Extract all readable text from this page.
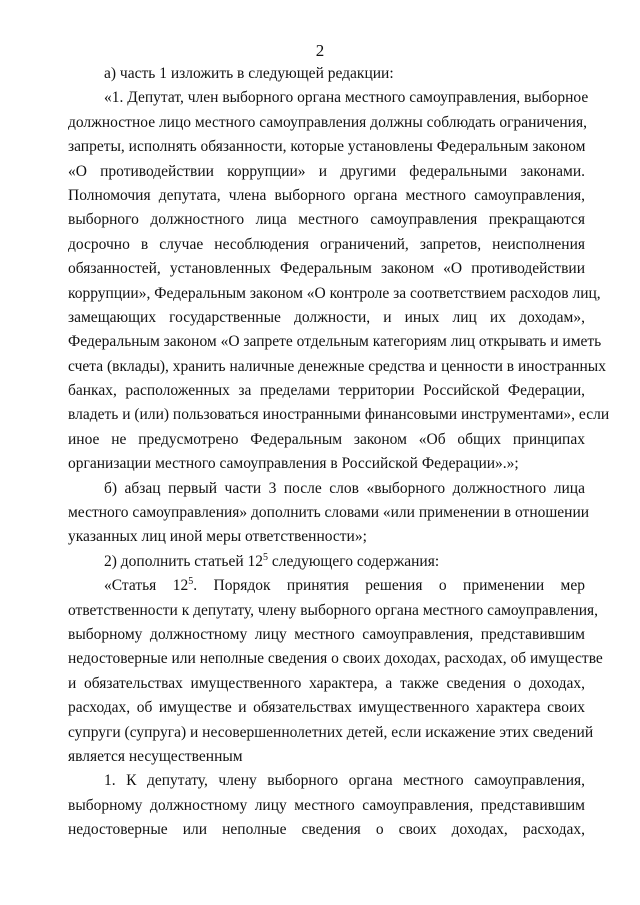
2
а) часть 1 изложить в следующей редакции:
«1. Депутат, член выборного органа местного самоуправления, выборное
должностное лицо местного самоуправления должны соблюдать ограничения,
запреты, исполнять обязанности, которые установлены Федеральным законом
«О противодействии коррупции» и другими федеральными законами.
Полномочия депутата, члена выборного органа местного самоуправления,
выборного должностного лица местного самоуправления прекращаются
досрочно в случае несоблюдения ограничений, запретов, неисполнения
обязанностей, установленных Федеральным законом «О противодействии
коррупции», Федеральным законом «О контроле за соответствием расходов лиц,
замещающих государственные должности, и иных лиц их доходам»,
Федеральным законом «О запрете отдельным категориям лиц открывать и иметь
счета (вклады), хранить наличные денежные средства и ценности в иностранных
банках, расположенных за пределами территории Российской Федерации,
владеть и (или) пользоваться иностранными финансовыми инструментами», если
иное не предусмотрено Федеральным законом «Об общих принципах
организации местного самоуправления в Российской Федерации».»;
б) абзац первый части 3 после слов «выборного должностного лица
местного самоуправления» дополнить словами «или применении в отношении
указанных лиц иной меры ответственности»;
2) дополнить статьей $12^5$ следующего содержания:
«Статья $12^5$. Порядок принятия решения о применении мер
ответственности к депутату, члену выборного органа местного самоуправления,
выборному должностному лицу местного самоуправления, представившим
недостоверные или неполные сведения о своих доходах, расходах, об имуществе
и обязательствах имущественного характера, а также сведения о доходах,
расходах, об имуществе и обязательствах имущественного характера своих
супруги (супруга) и несовершеннолетних детей, если искажение этих сведений
является несущественным
1. К депутату, члену выборного органа местного самоуправления,
выборному должностному лицу местного самоуправления, представившим
недостоверные или неполные сведения о своих доходах, расходах,
